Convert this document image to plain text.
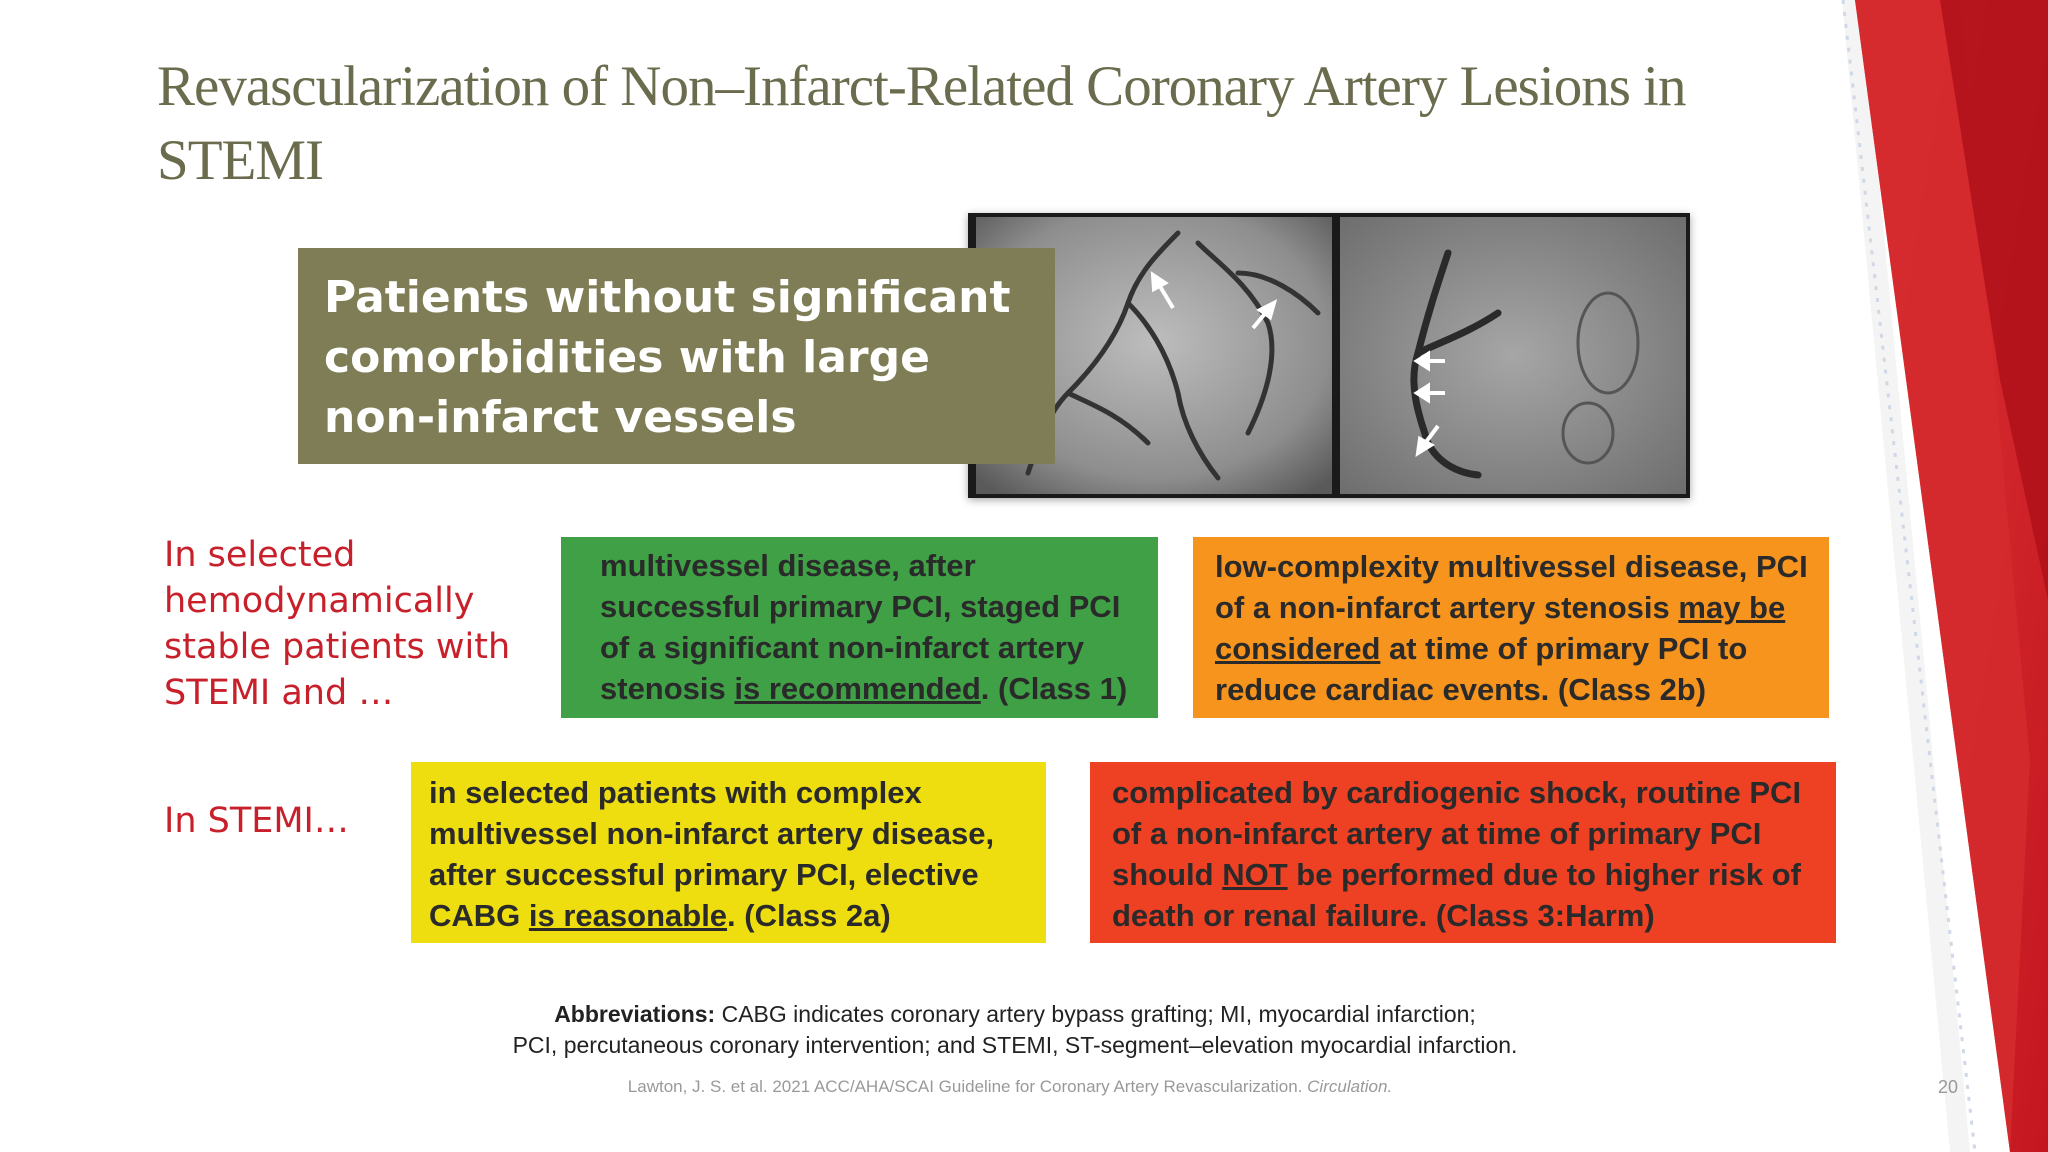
Revascularization of Non–Infarct-Related Coronary Artery Lesions in STEMI
Patients without significant comorbidities with large non-infarct vessels
In selected hemodynamically stable patients with STEMI and …
In STEMI…
multivessel disease, after successful primary PCI, staged PCI of a significant non-infarct artery stenosis is recommended. (Class 1)
low-complexity multivessel disease, PCI of a non-infarct artery stenosis may be considered at time of primary PCI to reduce cardiac events. (Class 2b)
in selected patients with complex multivessel non-infarct artery disease, after successful primary PCI, elective CABG is reasonable. (Class 2a)
complicated by cardiogenic shock, routine PCI of a non-infarct artery at time of primary PCI should NOT be performed due to higher risk of death or renal failure. (Class 3:Harm)
Abbreviations: CABG indicates coronary artery bypass grafting; MI, myocardial infarction;
PCI, percutaneous coronary intervention; and STEMI, ST-segment–elevation myocardial infarction.
Lawton, J. S. et al. 2021 ACC/AHA/SCAI Guideline for Coronary Artery Revascularization. Circulation.	20
